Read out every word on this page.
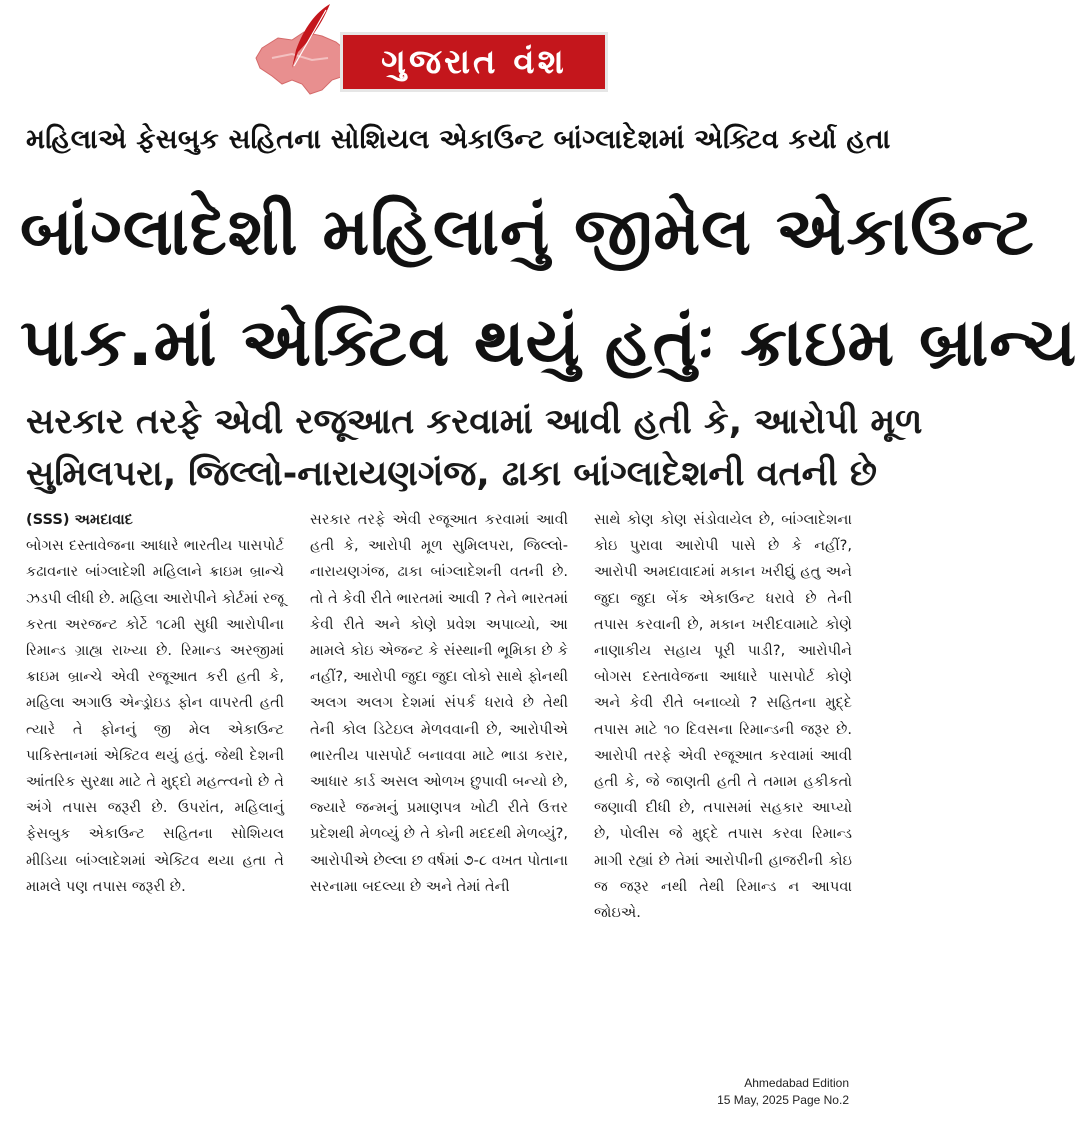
ગુજરાત વંશ
મહિલાએ ફેસબુક સહિતના સોશિયલ એકાઉન્ટ બાંગ્લાદેશમાં એક્ટિવ કર્યા હતા
બાંગ્લાદેશી મહિલાનું જીમેલ એકાઉન્ટ
પાક.માં એક્ટિવ થયું હતુંઃ ક્રાઇમ બ્રાન્ચ
સરકાર તરફે એવી રજૂઆત કરવામાં આવી હતી કે, આરોપી મૂળ
સુમિલપરા, જિલ્લો-નારાયણગંજ, ઢાકા બાંગ્લાદેશની વતની છે

(SSS) અમદાવાદ

બોગસ દસ્તાવેજના આધારે ભારતીય પાસપોર્ટ કઢાવનાર બાંગ્લાદેશી મહિલાને ક્રાઇમ બ્રાન્ચે ઝડપી લીધી છે. મહિલા આરોપીને કોર્ટમાં રજૂ કરતા અરજન્ટ કોર્ટે ૧૮મી સુધી આરોપીના રિમાન્ડ ગ્રાહ્ય રાખ્યા છે. રિમાન્ડ અરજીમાં ક્રાઇમ બ્રાન્ચે એવી રજૂઆત કરી હતી કે, મહિલા અગાઉ એન્ડ્રોઇડ ફોન વાપરતી હતી ત્યારે તે ફોનનું જી મેલ એકાઉન્ટ પાકિસ્તાનમાં એક્ટિવ થયું હતું. જેથી દેશની આંતરિક સુરક્ષા માટે તે મુદ્દો મહત્ત્વનો છે તે અંગે તપાસ જરૂરી છે. ઉપરાંત, મહિલાનું ફેસબુક એકાઉન્ટ સહિતના સોશિયલ મીડિયા બાંગ્લાદેશમાં એક્ટિવ થયા હતા તે મામલે પણ તપાસ જરૂરી છે.

સરકાર તરફે એવી રજૂઆત કરવામાં આવી હતી કે, આરોપી મૂળ સુમિલપરા, જિલ્લો-નારાયણગંજ, ઢાકા બાંગ્લાદેશની વતની છે. તો તે કેવી રીતે ભારતમાં આવી ? તેને ભારતમાં કેવી રીતે અને કોણે પ્રવેશ અપાવ્યો, આ મામલે કોઇ એજન્ટ કે સંસ્થાની ભૂમિકા છે કે નહીં?, આરોપી જુદા જુદા લોકો સાથે ફોનથી અલગ અલગ દેશમાં સંપર્ક ધરાવે છે તેથી તેની કોલ ડિટેઇલ મેળવવાની છે, આરોપીએ ભારતીય પાસપોર્ટ બનાવવા માટે ભાડા કરાર, આધાર કાર્ડ અસલ ઓળખ છુપાવી બન્યો છે, જ્યારે જન્મનું પ્રમાણપત્ર ખોટી રીતે ઉત્તર પ્રદેશથી મેળવ્યું છે તે કોની મદદથી મેળવ્યું?, આરોપીએ છેલ્લા છ વર્ષમાં ૭-૮ વખત પોતાના સરનામા બદલ્યા છે અને તેમાં તેની

સાથે કોણ કોણ સંડોવાયેલ છે, બાંગ્લાદેશના કોઇ પુરાવા આરોપી પાસે છે કે નહીં?, આરોપી અમદાવાદમાં મકાન ખરીદ્યું હતુ અને જુદા જુદા બેંક એકાઉન્ટ ધરાવે છે તેની તપાસ કરવાની છે, મકાન ખરીદવામાટે કોણે નાણાકીય સહાય પૂરી પાડી?, આરોપીને બોગસ દસ્તાવેજના આધારે પાસપોર્ટ કોણે અને કેવી રીતે બનાવ્યો ? સહિતના મુદ્દે તપાસ માટે ૧૦ દિવસના રિમાન્ડની જરૂર છે. આરોપી તરફે એવી રજૂઆત કરવામાં આવી હતી કે, જે જાણતી હતી તે તમામ હકીકતો જણાવી દીધી છે, તપાસમાં સહકાર આપ્યો છે, પોલીસ જે મુદ્દે તપાસ કરવા રિમાન્ડ માગી રહ્યાં છે તેમાં આરોપીની હાજરીની કોઇ જ જરૂર નથી તેથી રિમાન્ડ ન આપવા જોઇએ.

Ahmedabad Edition
15 May, 2025 Page No.2
